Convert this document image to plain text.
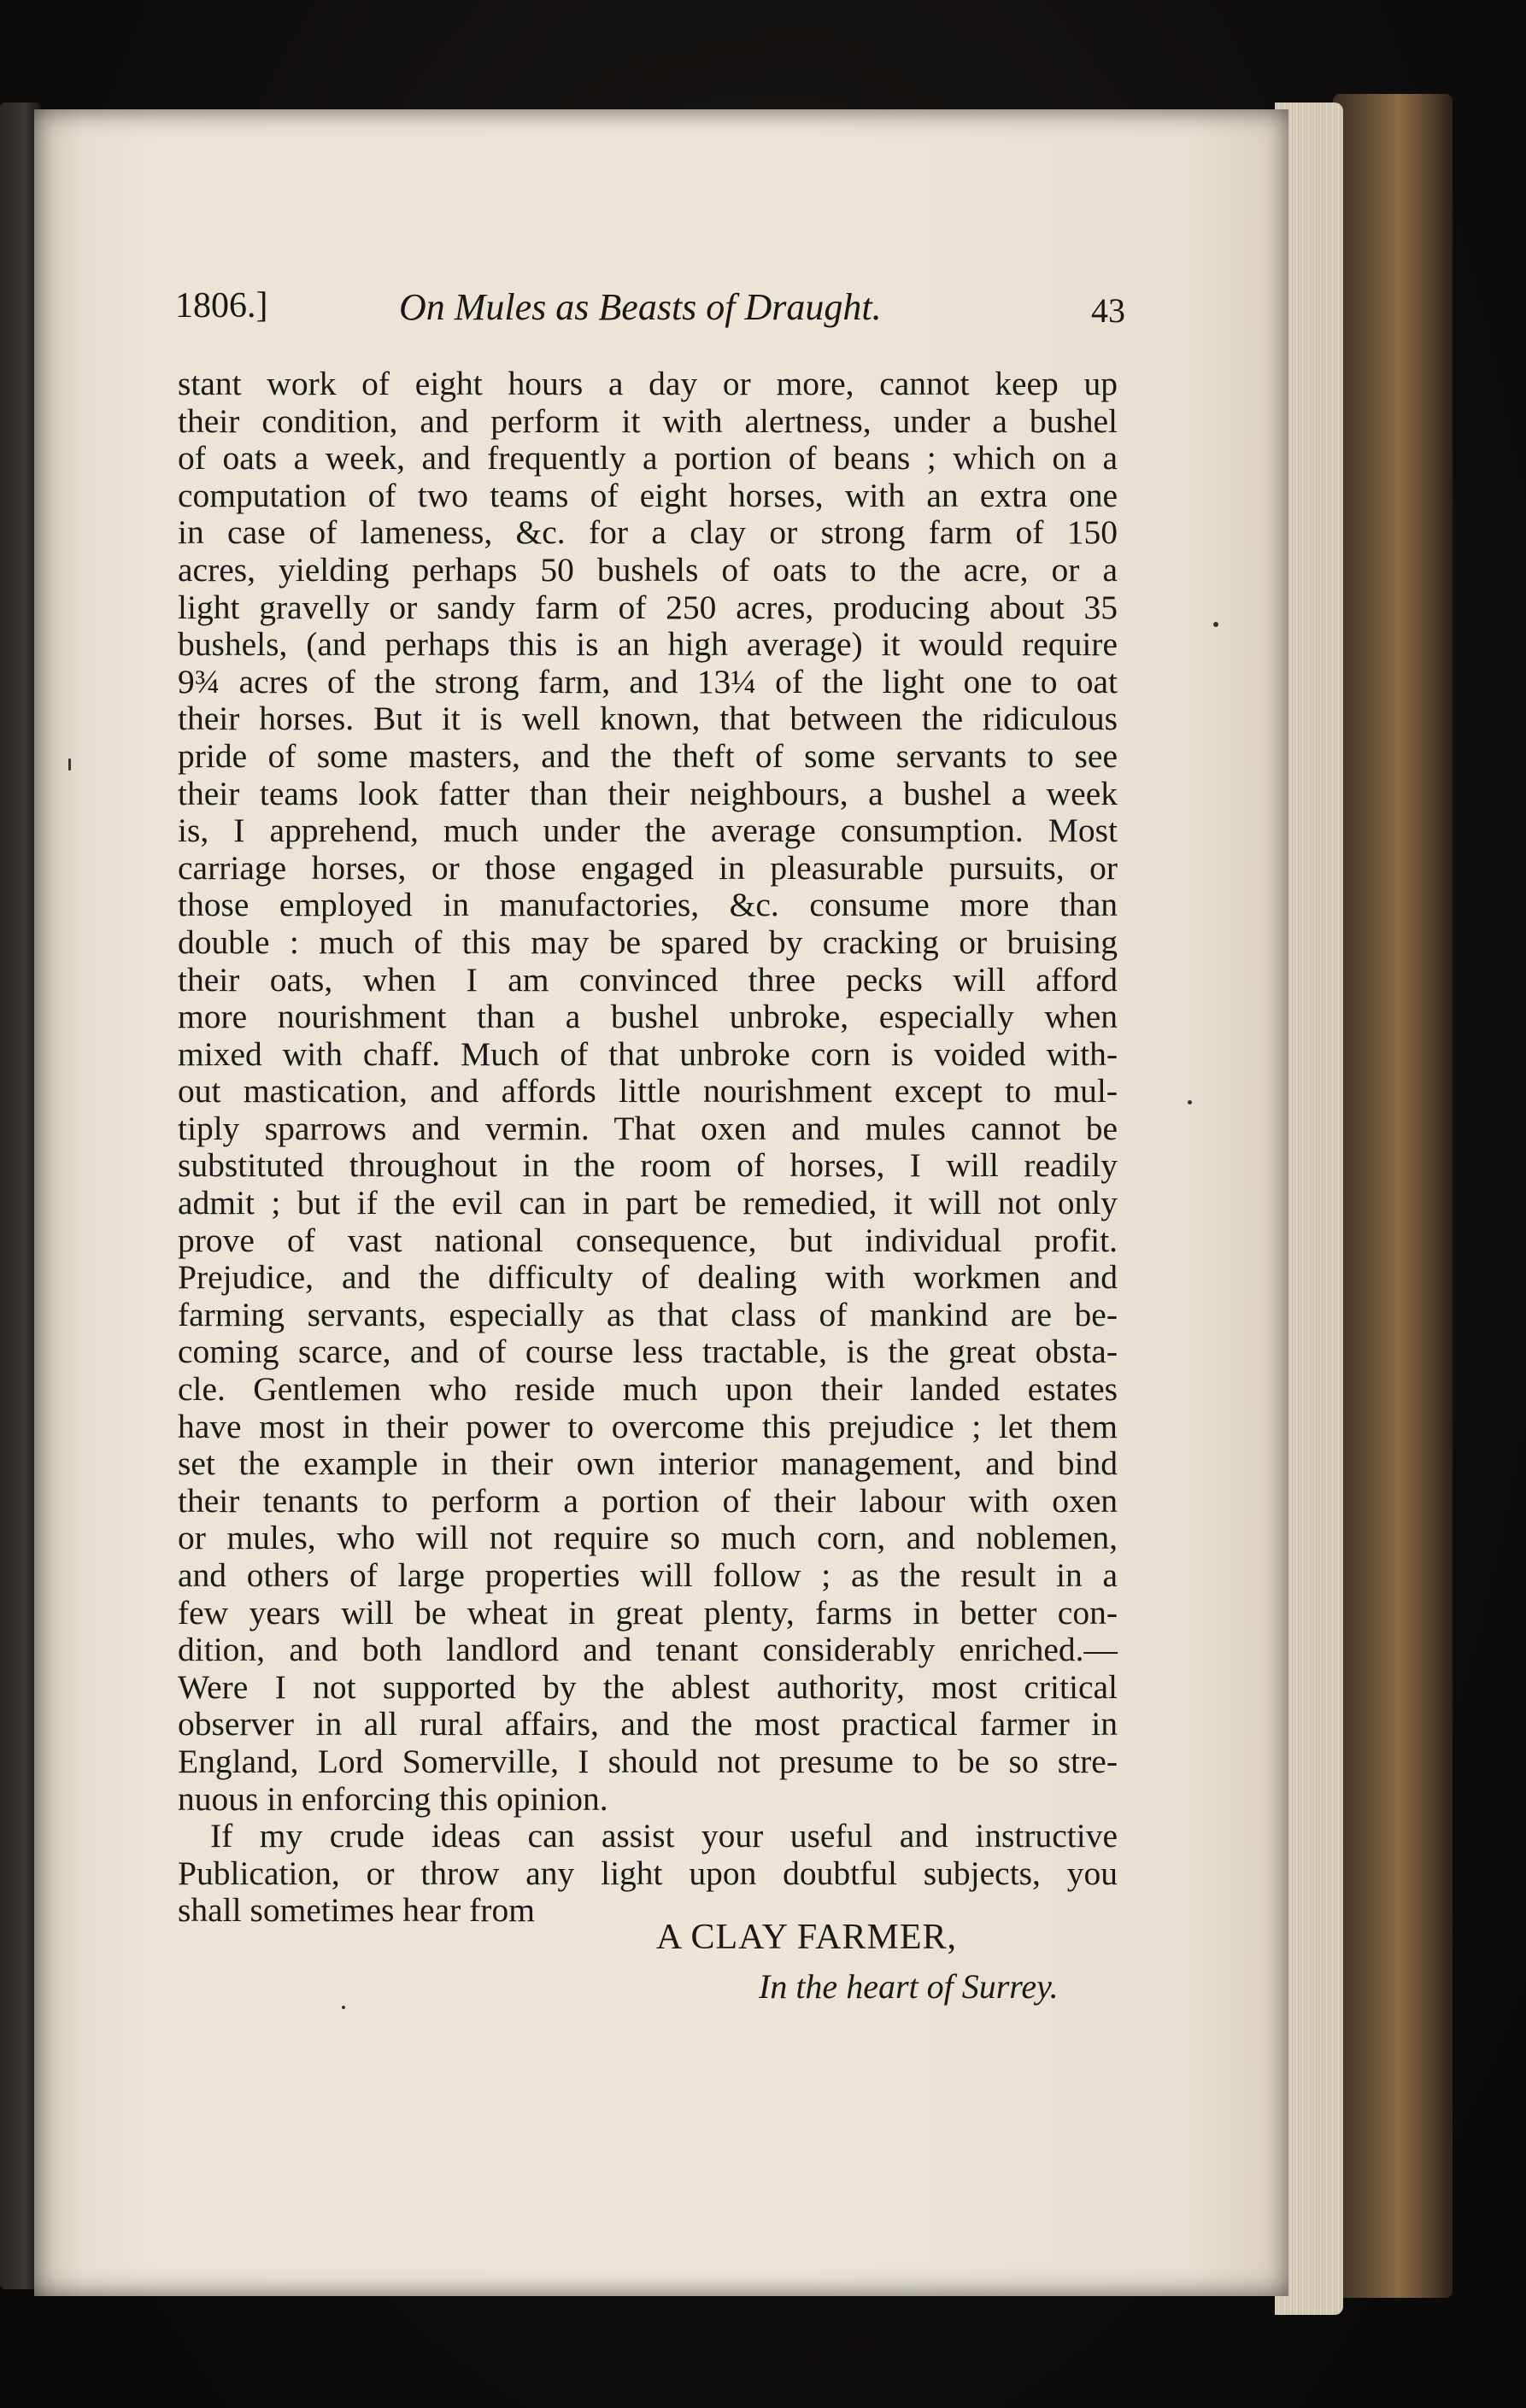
1806.]	On Mules as Beasts of Draught.	43
stant work of eight hours a day or more, cannot keep up
their condition, and perform it with alertness, under a bushel
of oats a week, and frequently a portion of beans ; which on a
computation of two teams of eight horses, with an extra one
in case of lameness, &c. for a clay or strong farm of 150
acres, yielding perhaps 50 bushels of oats to the acre, or a
light gravelly or sandy farm of 250 acres, producing about 35
bushels, (and perhaps this is an high average) it would require
9¾ acres of the strong farm, and 13¼ of the light one to oat
their horses. But it is well known, that between the ridiculous
pride of some masters, and the theft of some servants to see
their teams look fatter than their neighbours, a bushel a week
is, I apprehend, much under the average consumption. Most
carriage horses, or those engaged in pleasurable pursuits, or
those employed in manufactories, &c. consume more than
double : much of this may be spared by cracking or bruising
their oats, when I am convinced three pecks will afford
more nourishment than a bushel unbroke, especially when
mixed with chaff. Much of that unbroke corn is voided with-
out mastication, and affords little nourishment except to mul-
tiply sparrows and vermin. That oxen and mules cannot be
substituted throughout in the room of horses, I will readily
admit ; but if the evil can in part be remedied, it will not only
prove of vast national consequence, but individual profit.
Prejudice, and the difficulty of dealing with workmen and
farming servants, especially as that class of mankind are be-
coming scarce, and of course less tractable, is the great obsta-
cle. Gentlemen who reside much upon their landed estates
have most in their power to overcome this prejudice ; let them
set the example in their own interior management, and bind
their tenants to perform a portion of their labour with oxen
or mules, who will not require so much corn, and noblemen,
and others of large properties will follow ; as the result in a
few years will be wheat in great plenty, farms in better con-
dition, and both landlord and tenant considerably enriched.—
Were I not supported by the ablest authority, most critical
observer in all rural affairs, and the most practical farmer in
England, Lord Somerville, I should not presume to be so stre-
nuous in enforcing this opinion.
If my crude ideas can assist your useful and instructive
Publication, or throw any light upon doubtful subjects, you
shall sometimes hear from
A CLAY FARMER,
In the heart of Surrey.
